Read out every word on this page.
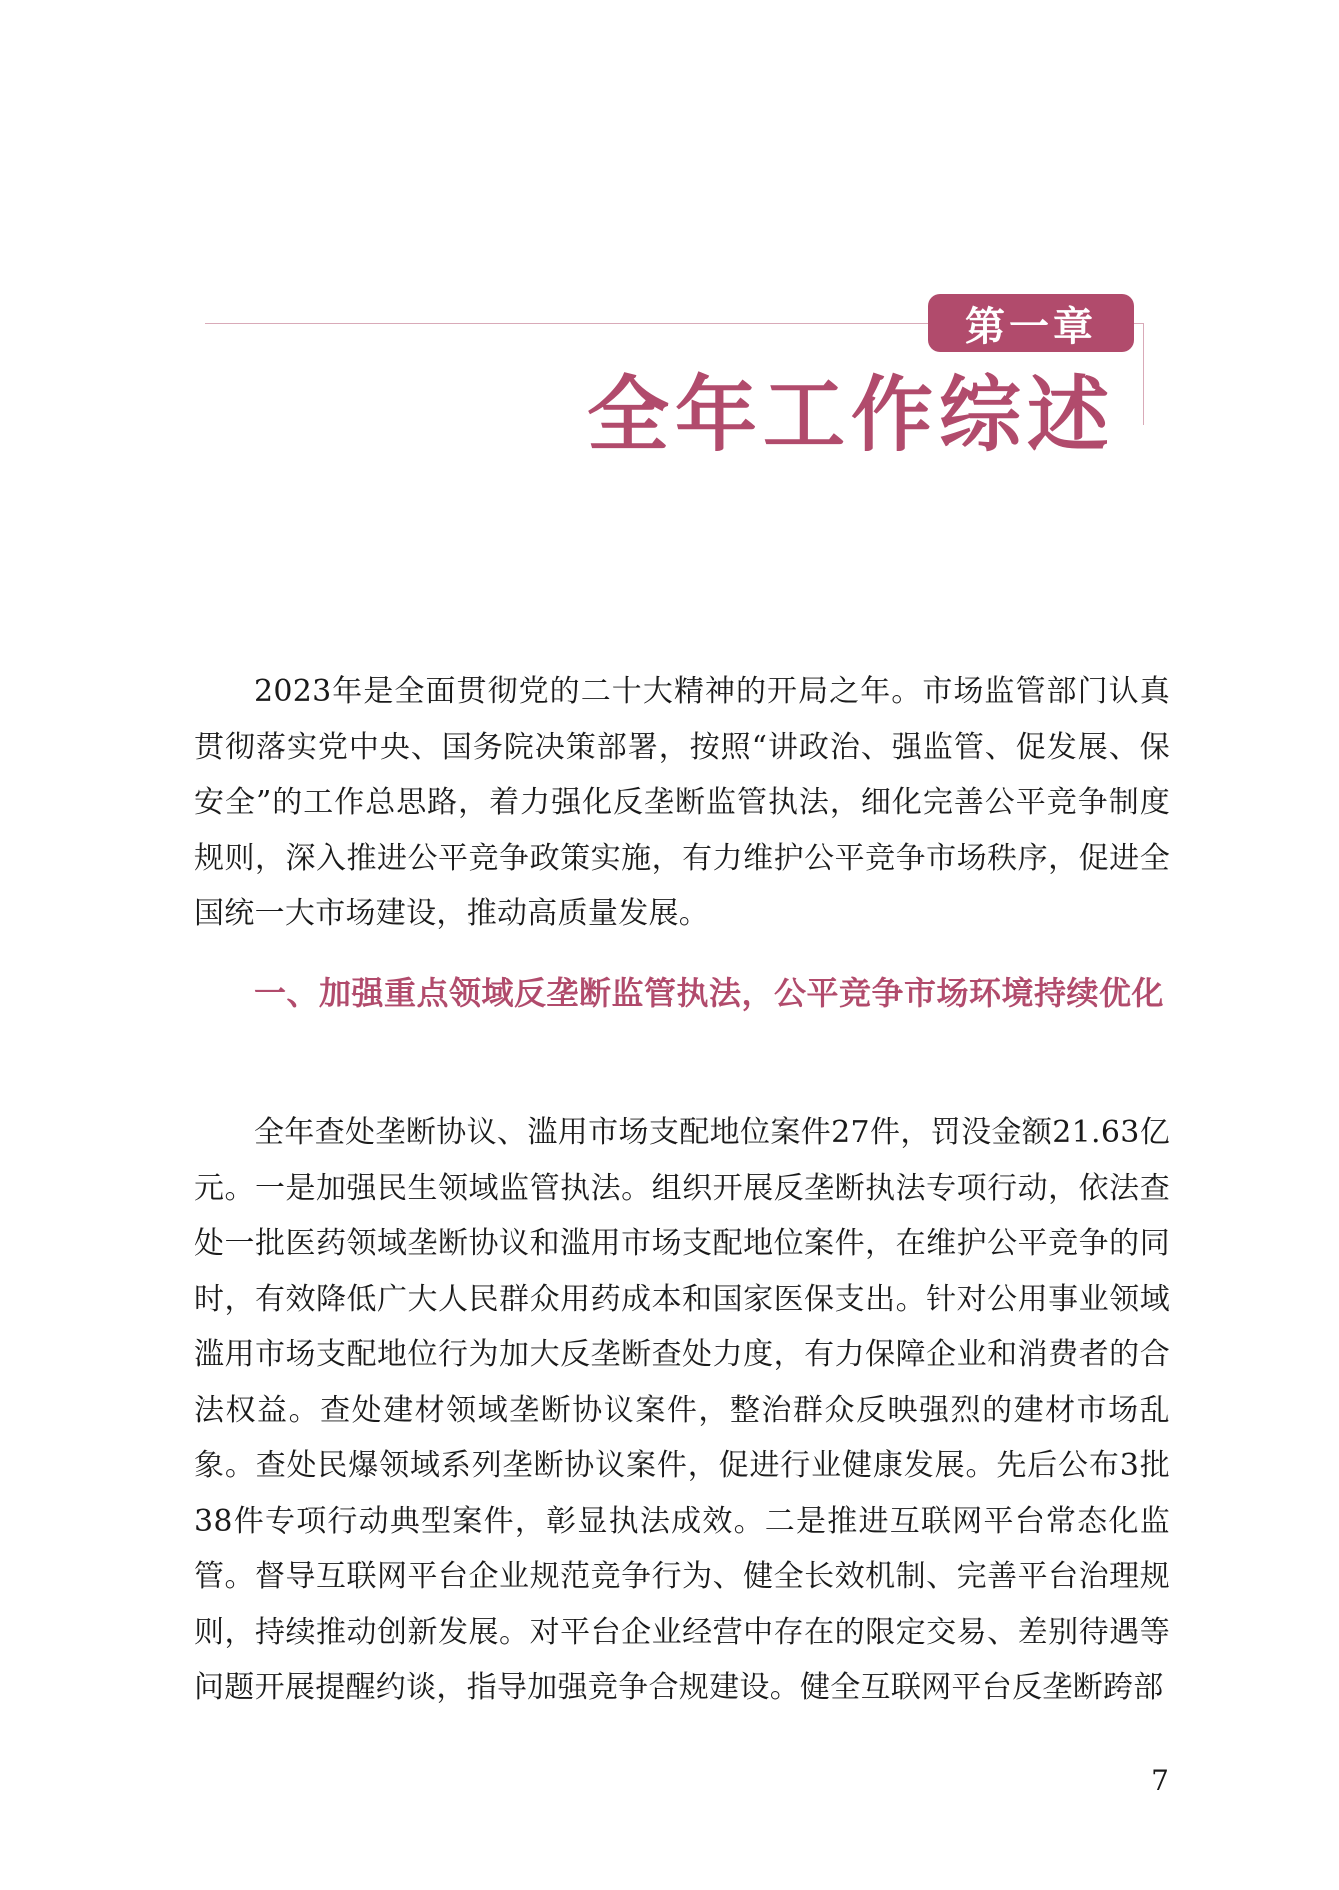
第一章
全年工作综述

2023年是全面贯彻党的二十大精神的开局之年。市场监管部门认真贯彻落实党中央、国务院决策部署，按照“讲政治、强监管、促发展、保安全”的工作总思路，着力强化反垄断监管执法，细化完善公平竞争制度规则，深入推进公平竞争政策实施，有力维护公平竞争市场秩序，促进全国统一大市场建设，推动高质量发展。

一、加强重点领域反垄断监管执法，公平竞争市场环境持续优化

全年查处垄断协议、滥用市场支配地位案件27件，罚没金额21.63亿元。一是加强民生领域监管执法。组织开展反垄断执法专项行动，依法查处一批医药领域垄断协议和滥用市场支配地位案件，在维护公平竞争的同时，有效降低广大人民群众用药成本和国家医保支出。针对公用事业领域滥用市场支配地位行为加大反垄断查处力度，有力保障企业和消费者的合法权益。查处建材领域垄断协议案件，整治群众反映强烈的建材市场乱象。查处民爆领域系列垄断协议案件，促进行业健康发展。先后公布3批38件专项行动典型案件，彰显执法成效。二是推进互联网平台常态化监管。督导互联网平台企业规范竞争行为、健全长效机制、完善平台治理规则，持续推动创新发展。对平台企业经营中存在的限定交易、差别待遇等问题开展提醒约谈，指导加强竞争合规建设。健全互联网平台反垄断跨部

7
